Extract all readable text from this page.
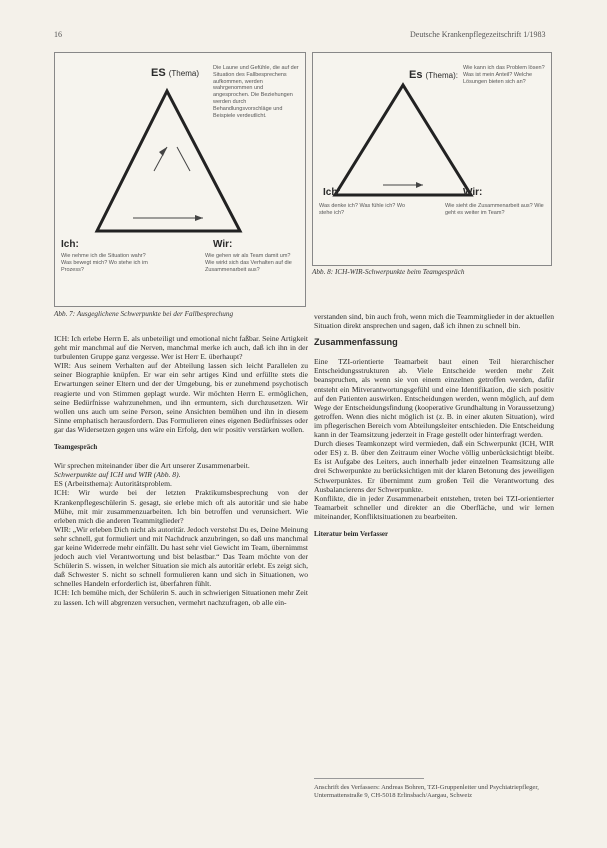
16	Deutsche Krankenpflegezeitschrift 1/1983
ES (Thema)
Die Laune und Gefühle, die auf der Situation des Fallbesprechens aufkommen, werden wahrgenommen und angesprochen. Die Beziehungen werden durch Behandlungsvorschläge und Beispiele verdeutlicht.
Ich:	Wir:
Wie nehme ich die Situation wahr? Was bewegt mich? Wo stehe ich im Prozess?
Wie gehen wir als Team damit um? Wie wirkt sich das Verhalten auf die Zusammenarbeit aus?
Abb. 7: Ausgeglichene Schwerpunkte bei der Fallbesprechung
Es (Thema):
Wie kann ich das Problem lösen? Was ist mein Anteil? Welche Lösungen bieten sich an?
Ich:	Wir:
Was denke ich? Was fühle ich? Wo stehe ich?
Wie sieht die Zusammenarbeit aus? Wie geht es weiter im Team?
Abb. 8: ICH-WIR-Schwerpunkte beim Teamgespräch

ICH: Ich erlebe Herrn E. als unbeteiligt und emotional nicht faßbar. Seine Artigkeit geht mir manchmal auf die Nerven, manchmal merke ich auch, daß ich ihn in der turbulenten Gruppe ganz vergesse. Wer ist Herr E. überhaupt?

WIR: Aus seinem Verhalten auf der Abteilung lassen sich leicht Parallelen zu seiner Biographie knüpfen. Er war ein sehr artiges Kind und erfüllte stets die Erwartungen seiner Eltern und der der Umgebung, bis er zunehmend psychotisch reagierte und von Stimmen geplagt wurde. Wir möchten Herrn E. ermöglichen, seine Bedürfnisse wahrzunehmen, und ihn ermuntern, sich durchzusetzen. Wir wollen uns auch um seine Person, seine Ansichten bemühen und ihn in diesem Sinne emphatisch herausfordern. Das Formulieren eines eigenen Bedürfnisses oder gar das Widersetzen gegen uns wäre ein Erfolg, den wir positiv verstärken wollen.

Teamgespräch

Wir sprechen miteinander über die Art unserer Zusammenarbeit.

Schwerpunkte auf ICH und WIR (Abb. 8).

ES (Arbeitsthema): Autoritätsproblem.

ICH: Wir wurde bei der letzten Praktikumsbesprechung von der Krankenpflegeschülerin S. gesagt, sie erlebe mich oft als autoritär und sie habe Mühe, mit mir zusammenzuarbeiten. Ich bin betroffen und verunsichert. Wie erleben mich die anderen Teammitglieder?

WIR: „Wir erleben Dich nicht als autoritär. Jedoch verstehst Du es, Deine Meinung sehr schnell, gut formuliert und mit Nachdruck anzubringen, so daß uns manchmal gar keine Widerrede mehr einfällt. Du hast sehr viel Gewicht im Team, übernimmst jedoch auch viel Verantwortung und bist belastbar.“ Das Team möchte von der Schülerin S. wissen, in welcher Situation sie mich als autoritär erlebt. Es zeigt sich, daß Schwester S. nicht so schnell formulieren kann und sich in Situationen, wo schnelles Handeln erforderlich ist, überfahren fühlt.

ICH: Ich bemühe mich, der Schülerin S. auch in schwierigen Situationen mehr Zeit zu lassen. Ich will abgrenzen versuchen, vermehrt nachzufragen, ob alle ein-

verstanden sind, bin auch froh, wenn mich die Teammitglieder in der aktuellen Situation direkt ansprechen und sagen, daß ich ihnen zu schnell bin.

Zusammenfassung

Eine TZI-orientierte Teamarbeit baut einen Teil hierarchischer Entscheidungsstrukturen ab. Viele Entscheide werden mehr Zeit beanspruchen, als wenn sie von einem einzelnen getroffen werden, dafür entsteht ein Mitverantwortungsgefühl und eine Identifikation, die sich positiv auf den Patienten auswirken. Entscheidungen werden, wenn möglich, auf dem Wege der Entscheidungsfindung (kooperative Grundhaltung in Voraussetzung) getroffen. Wenn dies nicht möglich ist (z. B. in einer akuten Situation), wird im pflegerischen Bereich vom Abteilungsleiter entschieden. Die Entscheidung kann in der Teamsitzung jederzeit in Frage gestellt oder hinterfragt werden.

Durch dieses Teamkonzept wird vermieden, daß ein Schwerpunkt (ICH, WIR oder ES) z. B. über den Zeitraum einer Woche völlig unberücksichtigt bleibt. Es ist Aufgabe des Leiters, auch innerhalb jeder einzelnen Teamsitzung alle drei Schwerpunkte zu berücksichtigen mit der klaren Betonung des jeweiligen Schwerpunktes. Er übernimmt zum großen Teil die Verantwortung des Ausbalancierens der Schwerpunkte.

Konflikte, die in jeder Zusammenarbeit entstehen, treten bei TZI-orientierter Teamarbeit schneller und direkter an die Oberfläche, und wir lernen miteinander, Konfliktsituationen zu bearbeiten.

Literatur beim Verfasser

Anschrift des Verfassers: Andreas Bohren, TZI-Gruppenleiter und Psychiatriepfleger, Untermattenstraße 9, CH-5018 Erlinsbach/Aargau, Schweiz
